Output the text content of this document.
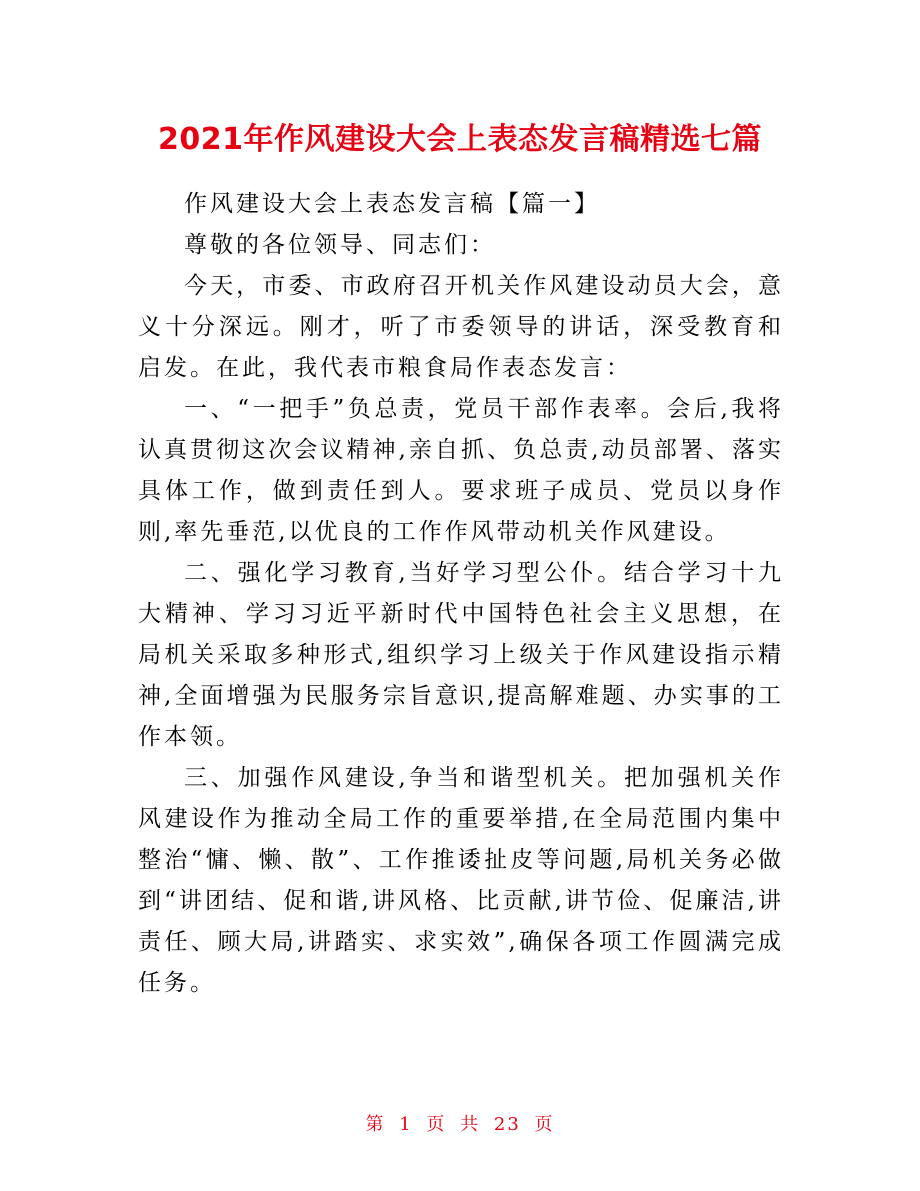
2021年作风建设大会上表态发言稿精选七篇

作风建设大会上表态发言稿【篇一】

尊敬的各位领导、同志们：

今天，市委、市政府召开机关作风建设动员大会，意义十分深远。刚才，听了市委领导的讲话，深受教育和启发。在此，我代表市粮食局作表态发言：

一、“一把手”负总责，党员干部作表率。会后,我将认真贯彻这次会议精神,亲自抓、负总责,动员部署、落实具体工作，做到责任到人。要求班子成员、党员以身作则,率先垂范,以优良的工作作风带动机关作风建设。

二、强化学习教育,当好学习型公仆。结合学习十九大精神、学习习近平新时代中国特色社会主义思想，在局机关采取多种形式,组织学习上级关于作风建设指示精神,全面增强为民服务宗旨意识,提高解难题、办实事的工作本领。

三、加强作风建设,争当和谐型机关。把加强机关作风建设作为推动全局工作的重要举措,在全局范围内集中整治“慵、懒、散”、工作推诿扯皮等问题,局机关务必做到“讲团结、促和谐,讲风格、比贡献,讲节俭、促廉洁,讲责任、顾大局,讲踏实、求实效”,确保各项工作圆满完成任务。

第 1 页 共 23 页
